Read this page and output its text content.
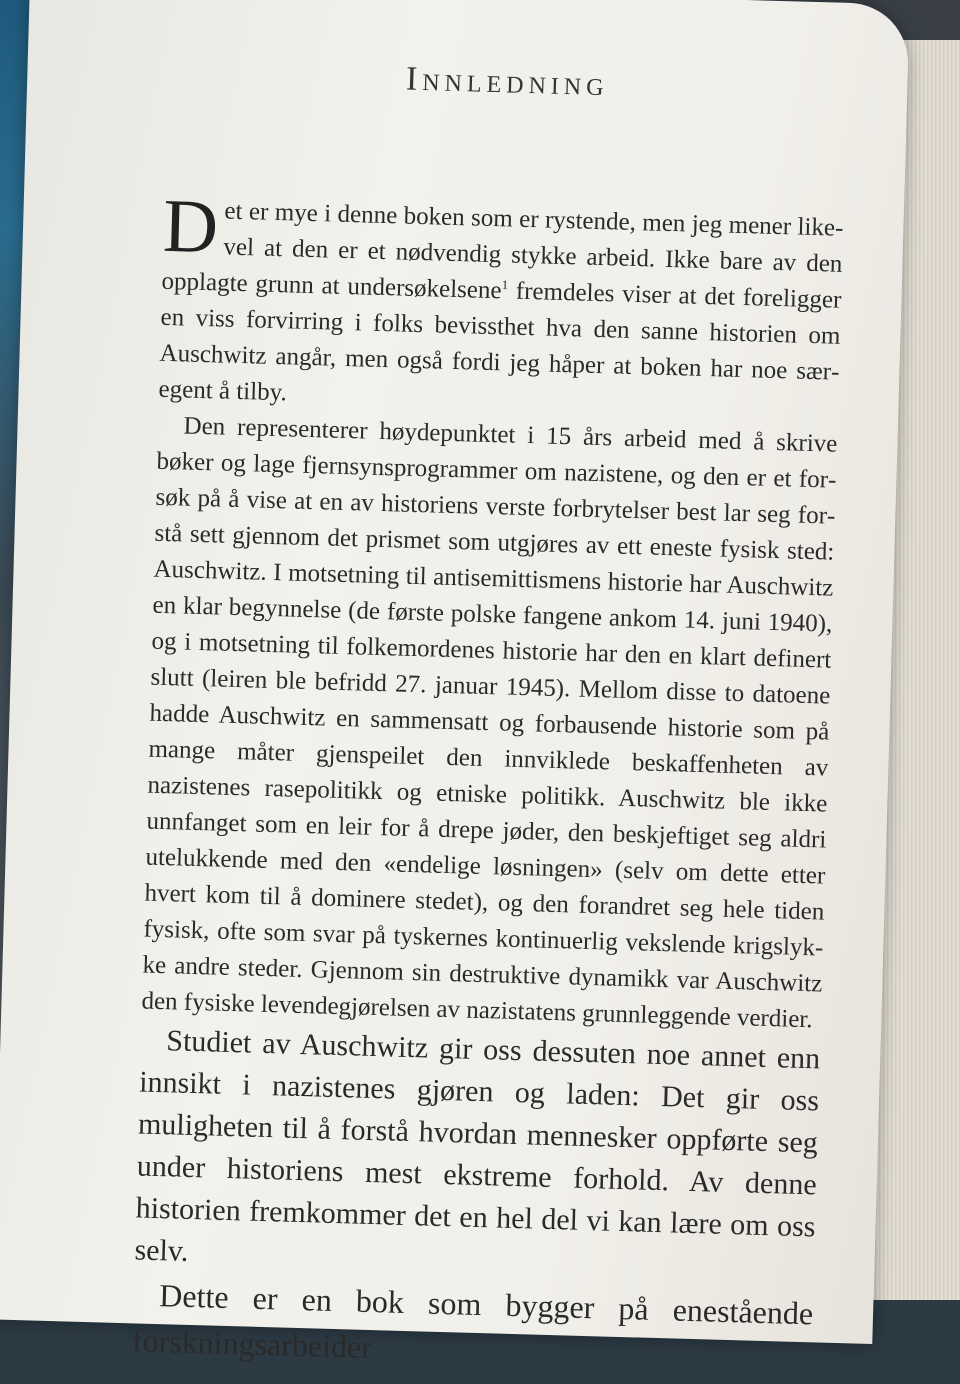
Innledning

Det er mye i denne boken som er rystende, men jeg mener likevel at den er et nødvendig stykke arbeid. Ikke bare av den opplagte grunn at undersøkelsene$^1$ fremdeles viser at det foreligger en viss forvirring i folks bevissthet hva den sanne historien om Auschwitz angår, men også fordi jeg håper at boken har noe særegent å tilby.

Den representerer høydepunktet i 15 års arbeid med å skrive bøker og lage fjernsynsprogrammer om nazistene, og den er et forsøk på å vise at en av historiens verste forbrytelser best lar seg forstå sett gjennom det prismet som utgjøres av ett eneste fysisk sted: Auschwitz. I motsetning til antisemittismens historie har Auschwitz en klar begynnelse (de første polske fangene ankom 14. juni 1940), og i motsetning til folkemordenes historie har den en klart definert slutt (leiren ble befridd 27. januar 1945). Mellom disse to datoene hadde Auschwitz en sammensatt og forbausende historie som på mange måter gjenspeilet den innviklede beskaffenheten av nazistenes rasepolitikk og etniske politikk. Auschwitz ble ikke unnfanget som en leir for å drepe jøder, den beskjeftiget seg aldri utelukkende med den «endelige løsningen» (selv om dette etter hvert kom til å dominere stedet), og den forandret seg hele tiden fysisk, ofte som svar på tyskernes kontinuerlig vekslende krigslykke andre steder. Gjennom sin destruktive dynamikk var Auschwitz den fysiske levendegjørelsen av nazistatens grunnleggende verdier.

Studiet av Auschwitz gir oss dessuten noe annet enn innsikt i nazistenes gjøren og laden: Det gir oss muligheten til å forstå hvordan mennesker oppførte seg under historiens mest ekstreme forhold. Av denne historien fremkommer det en hel del vi kan lære om oss selv.

Dette er en bok som bygger på enestående forskningsarbeider
